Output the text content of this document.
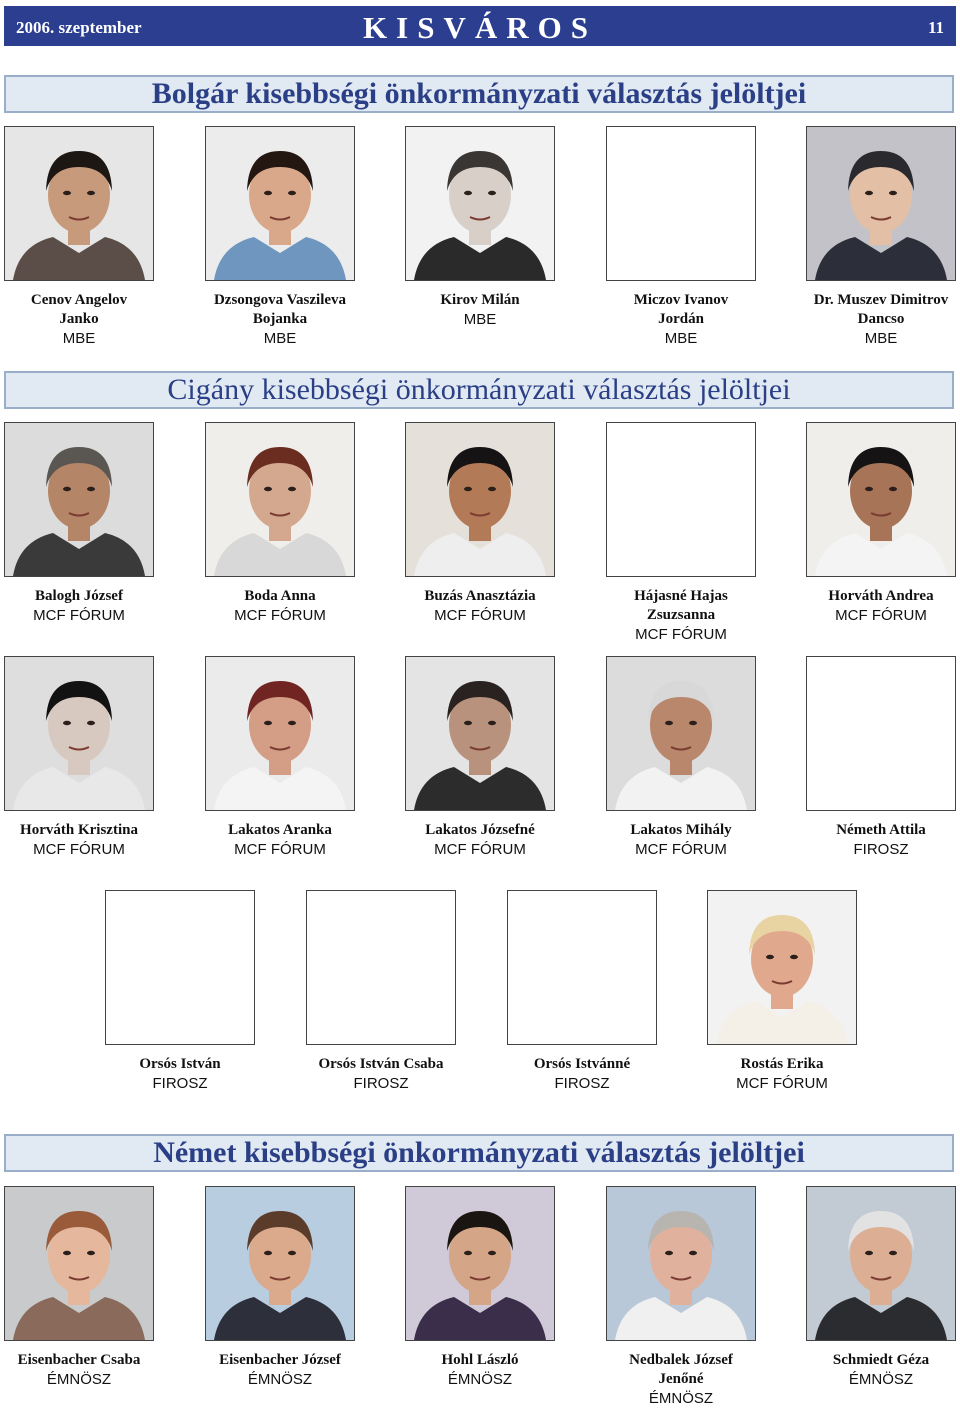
2006. szeptember	KISVÁROS	11
Bolgár kisebbségi önkormányzati választás jelöltjei
Cigány kisebbségi önkormányzati választás jelöltjei
Német kisebbségi önkormányzati választás jelöltjei
Cenov Angelov
Janko
MBE
Dzsongova Vaszileva
Bojanka
MBE
Kirov Milán
MBE
Miczov Ivanov
Jordán
MBE
Dr. Muszev Dimitrov
Dancso
MBE
Balogh József
MCF FÓRUM
Boda Anna
MCF FÓRUM
Buzás Anasztázia
MCF FÓRUM
Hájasné Hajas
Zsuzsanna
MCF FÓRUM
Horváth Andrea
MCF FÓRUM
Horváth Krisztina
MCF FÓRUM
Lakatos Aranka
MCF FÓRUM
Lakatos Józsefné
MCF FÓRUM
Lakatos Mihály
MCF FÓRUM
Németh Attila
FIROSZ
Orsós István
FIROSZ
Orsós István Csaba
FIROSZ
Orsós Istvánné
FIROSZ
Rostás Erika
MCF FÓRUM
Eisenbacher Csaba
ÉMNÖSZ
Eisenbacher József
ÉMNÖSZ
Hohl László
ÉMNÖSZ
Nedbalek József
Jenőné
ÉMNÖSZ
Schmiedt Géza
ÉMNÖSZ
